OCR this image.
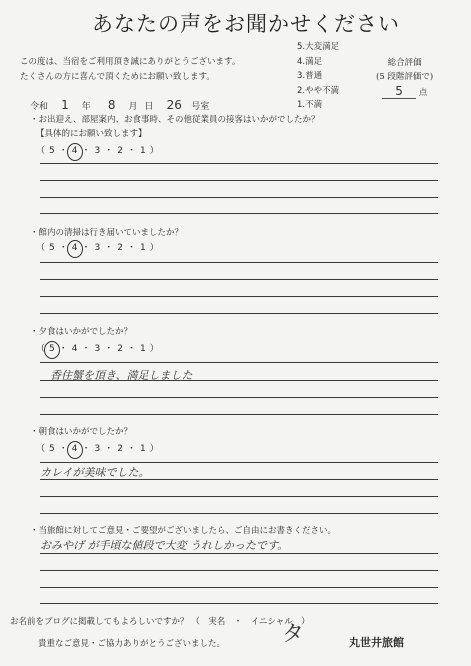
あなたの声をお聞かせください
この度は、当宿をご利用頂き誠にありがとうございます。
たくさんの方に喜んで頂くためにお願い致します。
5.大変満足
4.満足
3.普通
2.やや不満
1.不満
総合評価
(5 段階評価で)
5 点
令和 1 年 8 月 日 26 号室
・お出迎え、部屋案内、お食事時、その他従業員の接客はいかがでしたか？
【具体的にお願い致します】
（ 5・4・3・2・1 ）
・館内の清掃は行き届いていましたか？
（ 5・4・3・2・1 ）
・夕食はいかがでしたか？
（ 5・4・3・2・1 ）
香住蟹を頂き、満足しました
・朝食はいかがでしたか？
（ 5・4・3・2・1 ）
カレイが美味でした。
・当旅館に対してご意見・ご要望がございましたら、ご自由にお書きください。
おみやげ が手頃な値段で大変 うれしかったです。
お名前をブログに掲載してもよろしいですか？ （　実名　・　イニシャル　）
タ
貴重なご意見・ご協力ありがとうございました。	丸世井旅館
